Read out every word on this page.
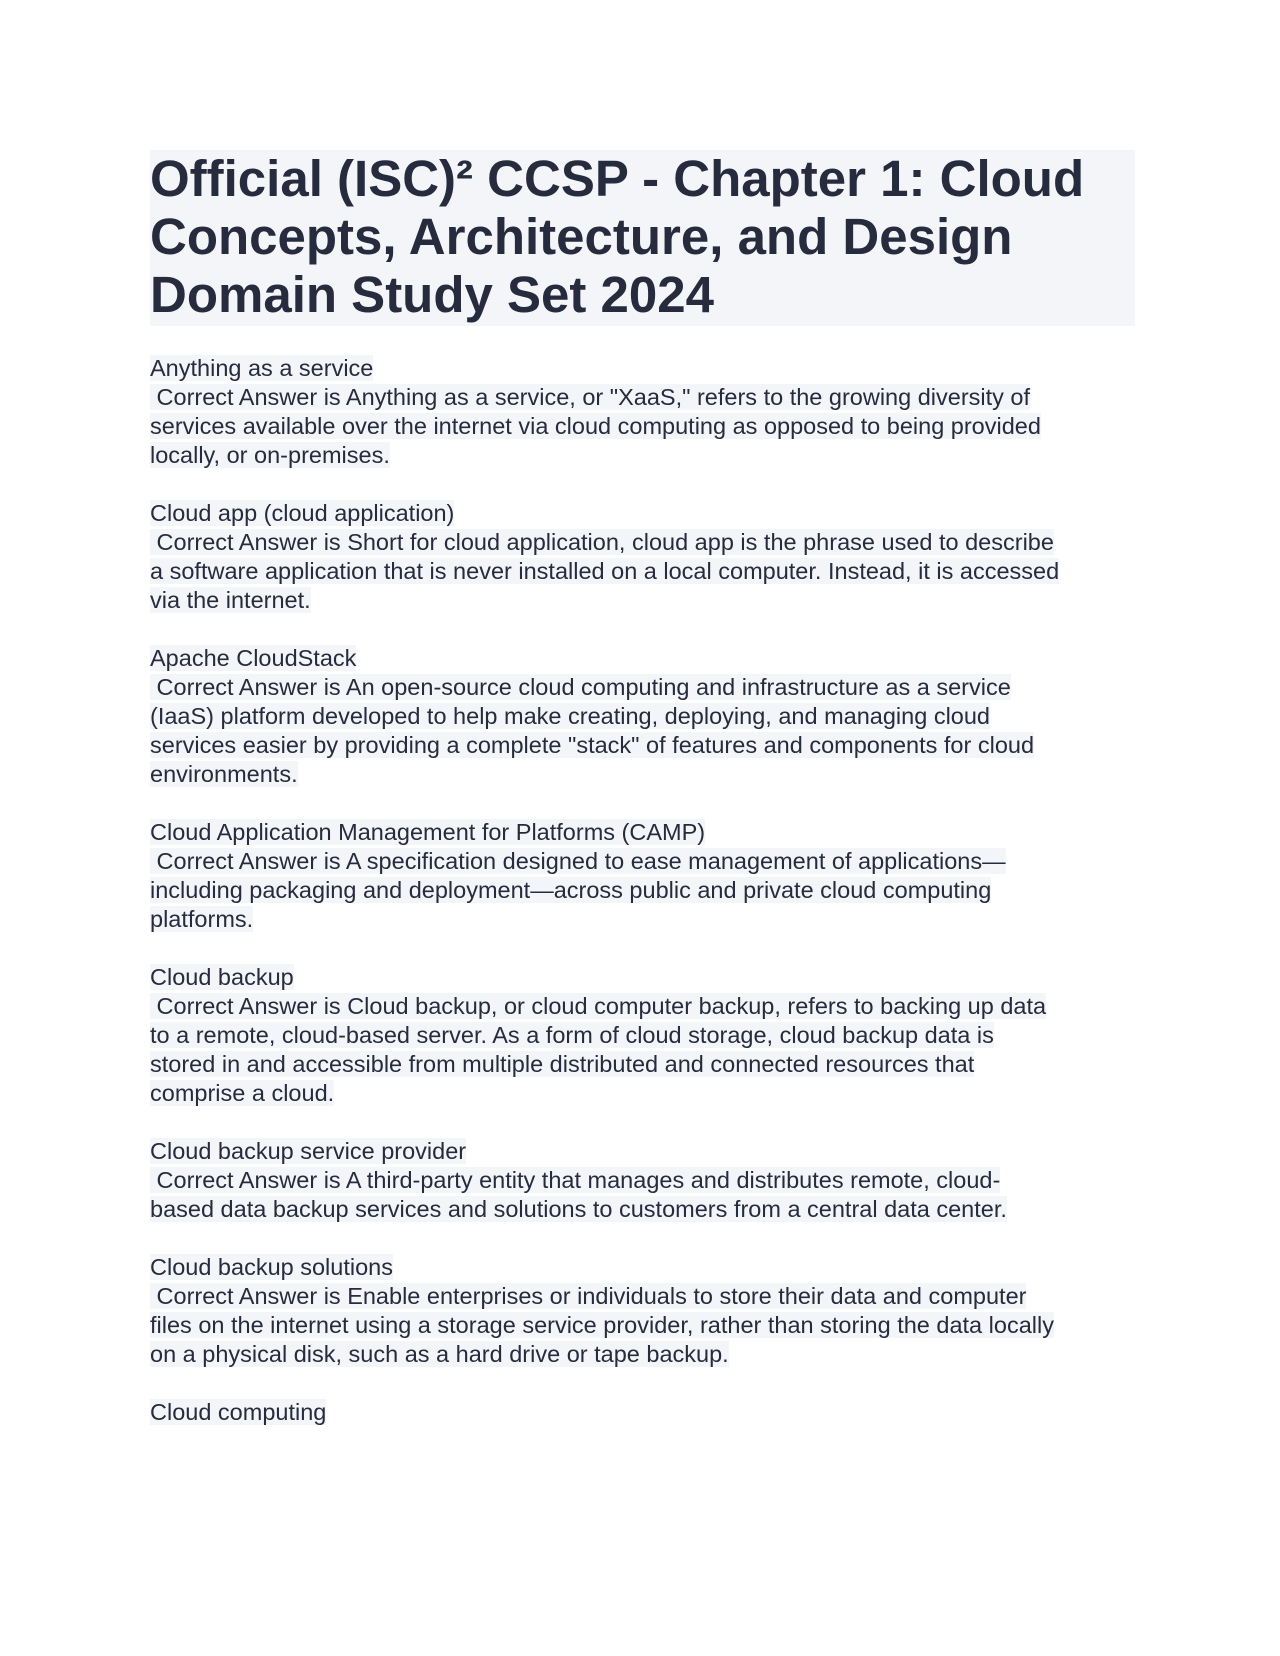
Official (ISC)² CCSP - Chapter 1: Cloud
Concepts, Architecture, and Design
Domain Study Set 2024
Anything as a service
Correct Answer is Anything as a service, or "XaaS," refers to the growing diversity of
services available over the internet via cloud computing as opposed to being provided
locally, or on-premises.
Cloud app (cloud application)
Correct Answer is Short for cloud application, cloud app is the phrase used to describe
a software application that is never installed on a local computer. Instead, it is accessed
via the internet.
Apache CloudStack
Correct Answer is An open-source cloud computing and infrastructure as a service
(IaaS) platform developed to help make creating, deploying, and managing cloud
services easier by providing a complete "stack" of features and components for cloud
environments.
Cloud Application Management for Platforms (CAMP)
Correct Answer is A specification designed to ease management of applications—
including packaging and deployment—across public and private cloud computing
platforms.
Cloud backup
Correct Answer is Cloud backup, or cloud computer backup, refers to backing up data
to a remote, cloud-based server. As a form of cloud storage, cloud backup data is
stored in and accessible from multiple distributed and connected resources that
comprise a cloud.
Cloud backup service provider
Correct Answer is A third-party entity that manages and distributes remote, cloud-
based data backup services and solutions to customers from a central data center.
Cloud backup solutions
Correct Answer is Enable enterprises or individuals to store their data and computer
files on the internet using a storage service provider, rather than storing the data locally
on a physical disk, such as a hard drive or tape backup.
Cloud computing
